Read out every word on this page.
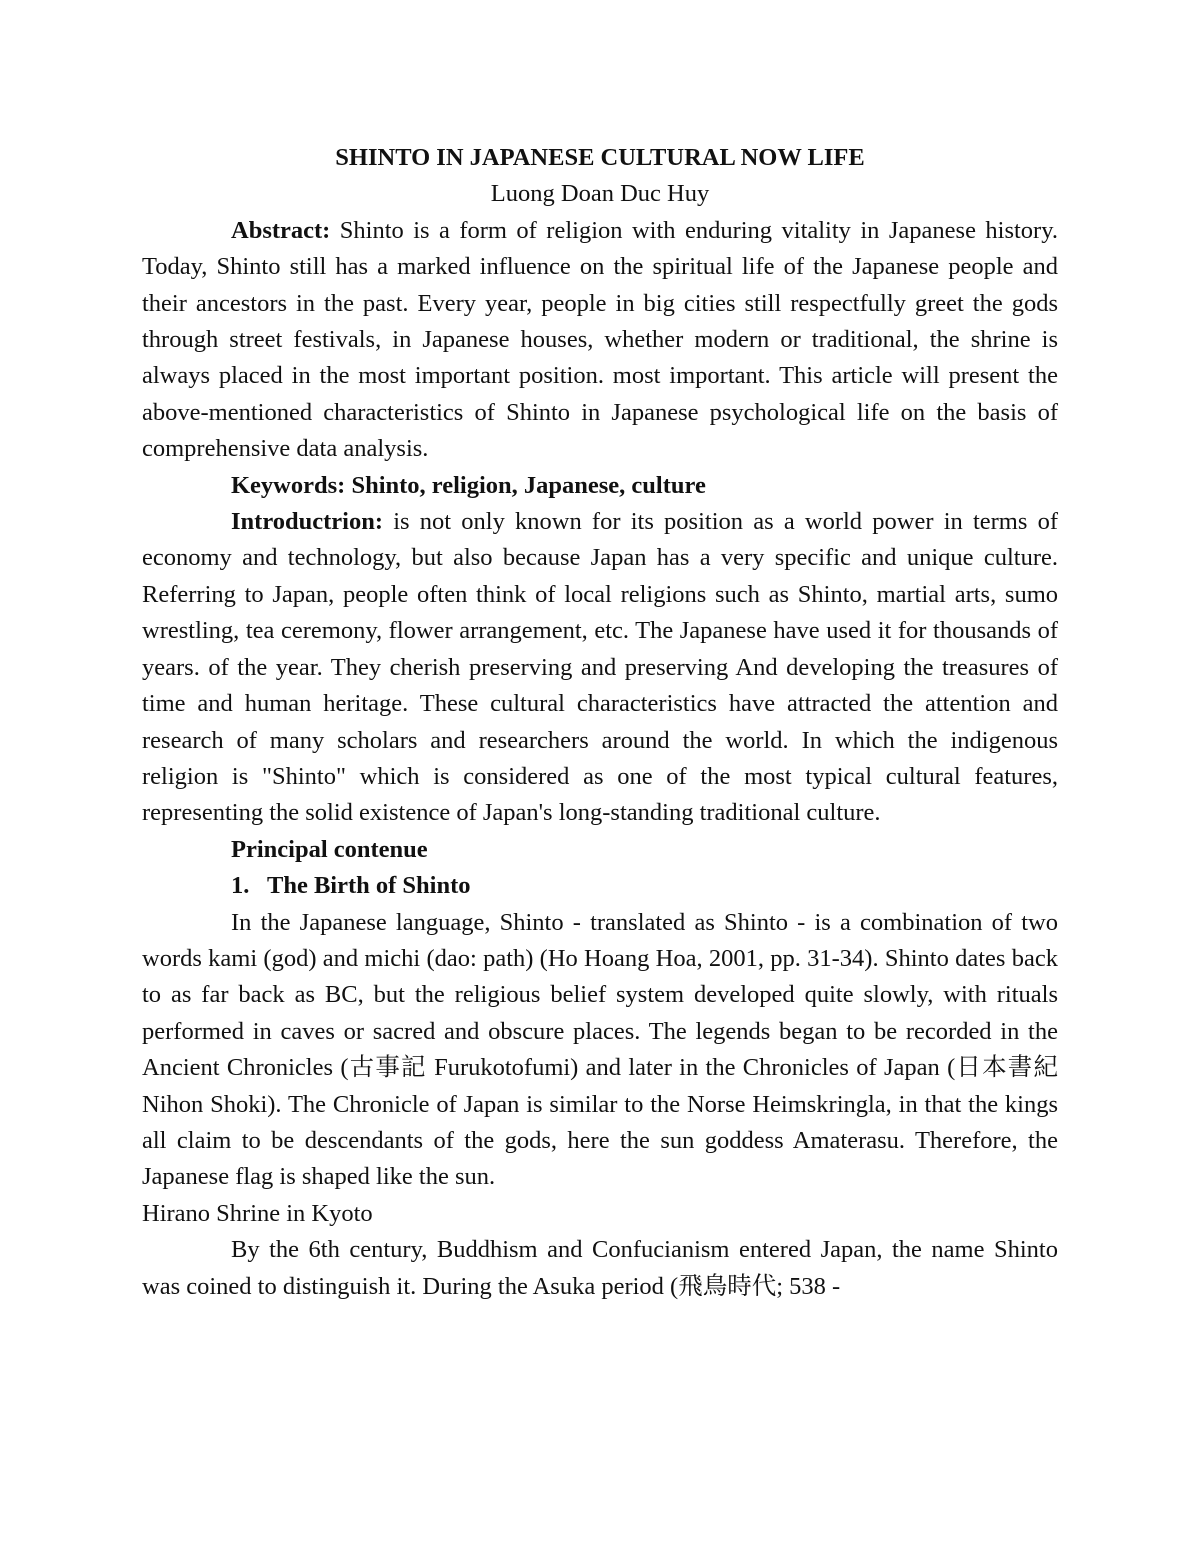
SHINTO IN JAPANESE CULTURAL NOW LIFE

Luong Doan Duc Huy

Abstract: Shinto is a form of religion with enduring vitality in Japanese history. Today, Shinto still has a marked influence on the spiritual life of the Japanese people and their ancestors in the past. Every year, people in big cities still respectfully greet the gods through street festivals, in Japanese houses, whether modern or traditional, the shrine is always placed in the most important position. most important. This article will present the above-mentioned characteristics of Shinto in Japanese psychological life on the basis of comprehensive data analysis.

Keywords: Shinto, religion, Japanese, culture

Introductrion: is not only known for its position as a world power in terms of economy and technology, but also because Japan has a very specific and unique culture. Referring to Japan, people often think of local religions such as Shinto, martial arts, sumo wrestling, tea ceremony, flower arrangement, etc. The Japanese have used it for thousands of years. of the year. They cherish preserving and preserving And developing the treasures of time and human heritage. These cultural characteristics have attracted the attention and research of many scholars and researchers around the world. In which the indigenous religion is "Shinto" which is considered as one of the most typical cultural features, representing the solid existence of Japan's long-standing traditional culture.

Principal contenue

1. The Birth of Shinto

In the Japanese language, Shinto - translated as Shinto - is a combination of two words kami (god) and michi (dao: path) (Ho Hoang Hoa, 2001, pp. 31-34). Shinto dates back to as far back as BC, but the religious belief system developed quite slowly, with rituals performed in caves or sacred and obscure places. The legends began to be recorded in the Ancient Chronicles (古事記 Furukotofumi) and later in the Chronicles of Japan (日本書紀 Nihon Shoki). The Chronicle of Japan is similar to the Norse Heimskringla, in that the kings all claim to be descendants of the gods, here the sun goddess Amaterasu. Therefore, the Japanese flag is shaped like the sun.

Hirano Shrine in Kyoto

By the 6th century, Buddhism and Confucianism entered Japan, the name Shinto was coined to distinguish it. During the Asuka period (飛鳥時代; 538 -
